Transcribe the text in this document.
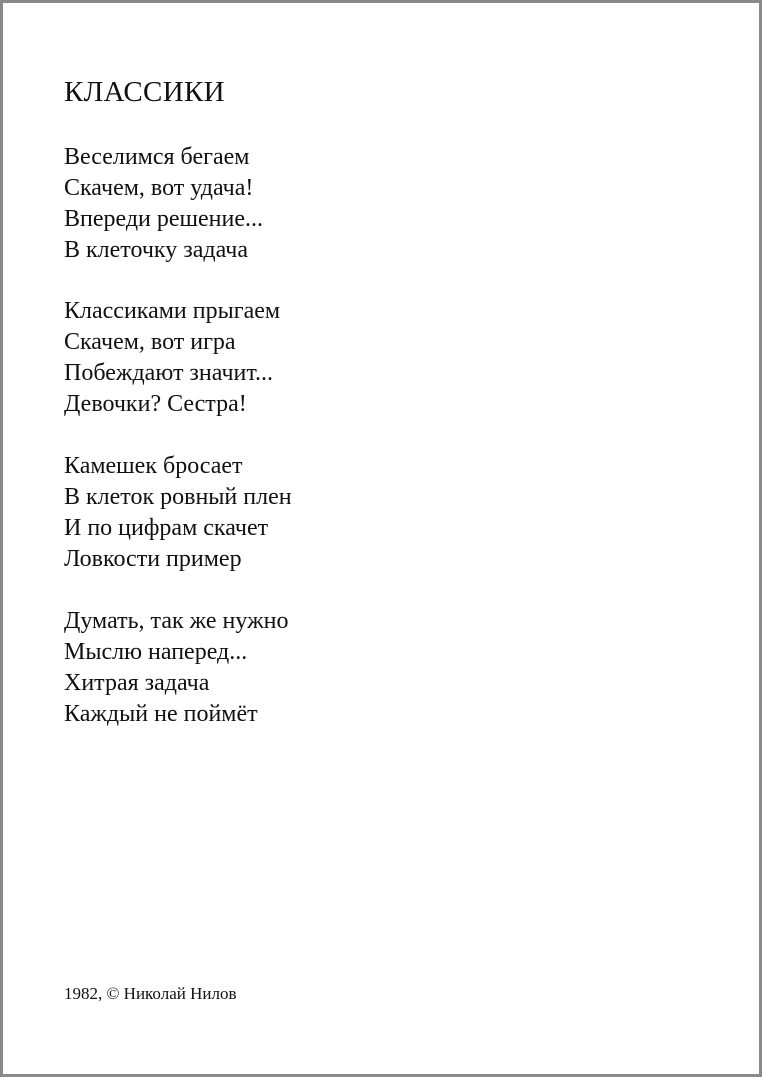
КЛАССИКИ
Веселимся бегаем
Скачем, вот удача!
Впереди решение...
В клеточку задача
Классиками прыгаем
Скачем, вот игра
Побеждают значит...
Девочки? Сестра!
Камешек бросает
В клеток ровный плен
И по цифрам скачет
Ловкости пример
Думать, так же нужно
Мыслю наперед...
Хитрая задача
Каждый не поймёт

1982, © Николай Нилов
